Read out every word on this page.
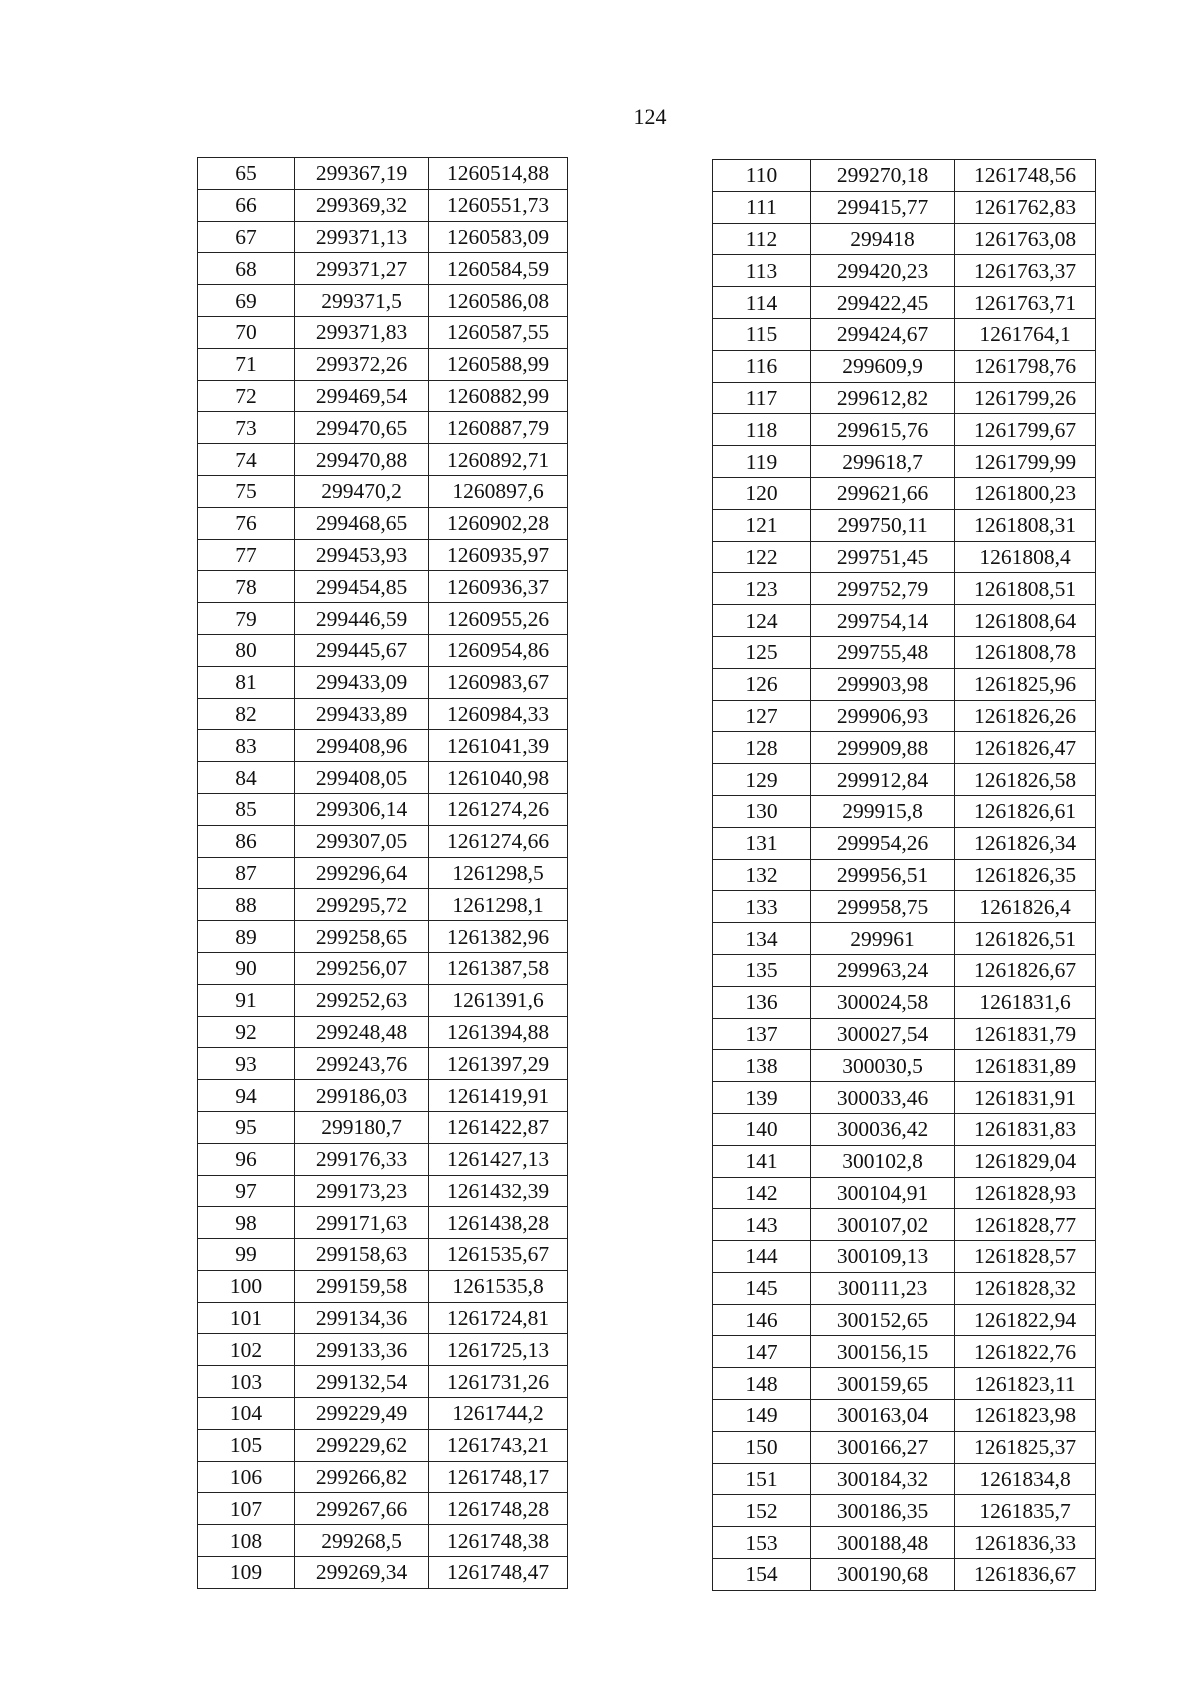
124
65	299367,19	1260514,88
66	299369,32	1260551,73
67	299371,13	1260583,09
68	299371,27	1260584,59
69	299371,5	1260586,08
70	299371,83	1260587,55
71	299372,26	1260588,99
72	299469,54	1260882,99
73	299470,65	1260887,79
74	299470,88	1260892,71
75	299470,2	1260897,6
76	299468,65	1260902,28
77	299453,93	1260935,97
78	299454,85	1260936,37
79	299446,59	1260955,26
80	299445,67	1260954,86
81	299433,09	1260983,67
82	299433,89	1260984,33
83	299408,96	1261041,39
84	299408,05	1261040,98
85	299306,14	1261274,26
86	299307,05	1261274,66
87	299296,64	1261298,5
88	299295,72	1261298,1
89	299258,65	1261382,96
90	299256,07	1261387,58
91	299252,63	1261391,6
92	299248,48	1261394,88
93	299243,76	1261397,29
94	299186,03	1261419,91
95	299180,7	1261422,87
96	299176,33	1261427,13
97	299173,23	1261432,39
98	299171,63	1261438,28
99	299158,63	1261535,67
100	299159,58	1261535,8
101	299134,36	1261724,81
102	299133,36	1261725,13
103	299132,54	1261731,26
104	299229,49	1261744,2
105	299229,62	1261743,21
106	299266,82	1261748,17
107	299267,66	1261748,28
108	299268,5	1261748,38
109	299269,34	1261748,47
110	299270,18	1261748,56
111	299415,77	1261762,83
112	299418	1261763,08
113	299420,23	1261763,37
114	299422,45	1261763,71
115	299424,67	1261764,1
116	299609,9	1261798,76
117	299612,82	1261799,26
118	299615,76	1261799,67
119	299618,7	1261799,99
120	299621,66	1261800,23
121	299750,11	1261808,31
122	299751,45	1261808,4
123	299752,79	1261808,51
124	299754,14	1261808,64
125	299755,48	1261808,78
126	299903,98	1261825,96
127	299906,93	1261826,26
128	299909,88	1261826,47
129	299912,84	1261826,58
130	299915,8	1261826,61
131	299954,26	1261826,34
132	299956,51	1261826,35
133	299958,75	1261826,4
134	299961	1261826,51
135	299963,24	1261826,67
136	300024,58	1261831,6
137	300027,54	1261831,79
138	300030,5	1261831,89
139	300033,46	1261831,91
140	300036,42	1261831,83
141	300102,8	1261829,04
142	300104,91	1261828,93
143	300107,02	1261828,77
144	300109,13	1261828,57
145	300111,23	1261828,32
146	300152,65	1261822,94
147	300156,15	1261822,76
148	300159,65	1261823,11
149	300163,04	1261823,98
150	300166,27	1261825,37
151	300184,32	1261834,8
152	300186,35	1261835,7
153	300188,48	1261836,33
154	300190,68	1261836,67
